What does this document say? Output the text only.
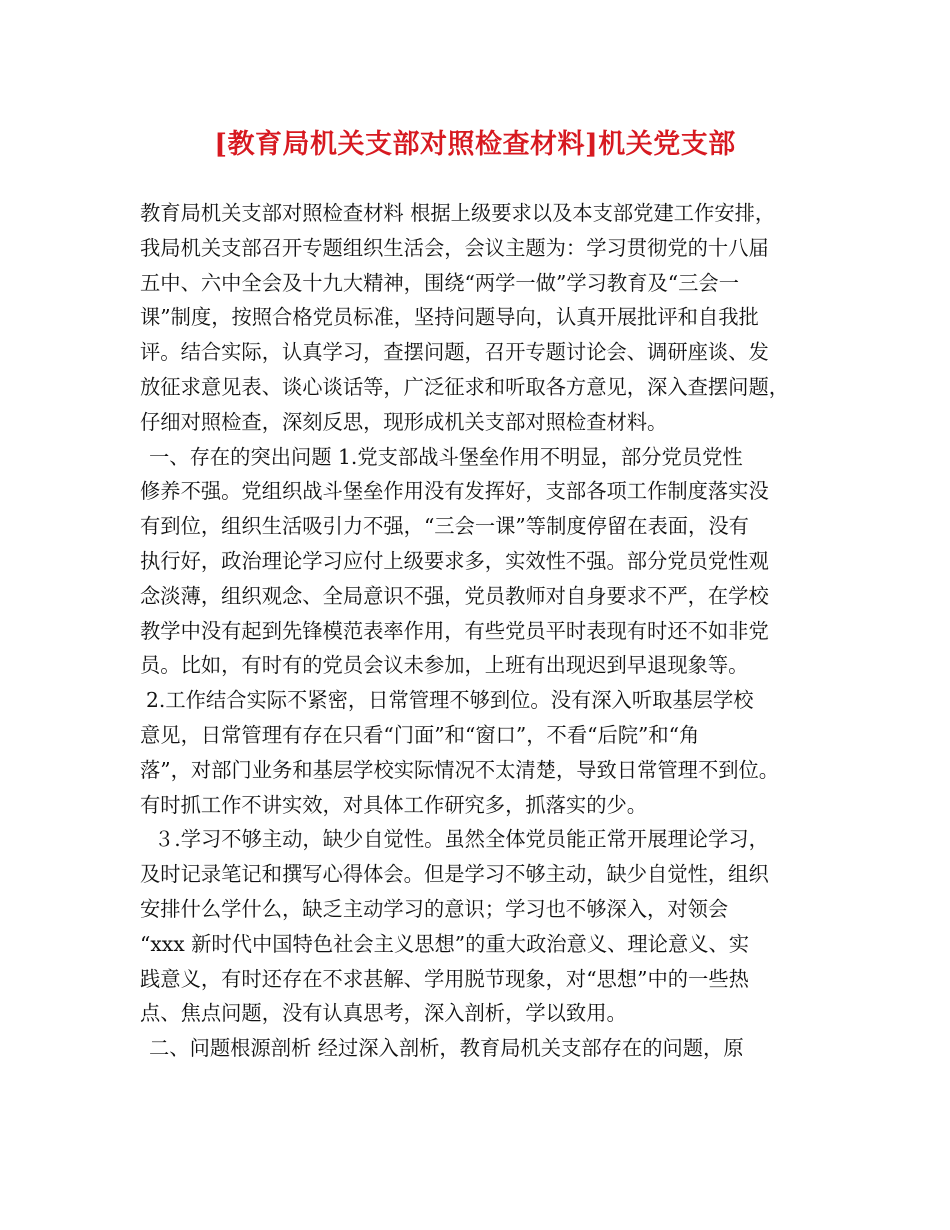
[教育局机关支部对照检查材料]机关党支部
教育局机关支部对照检查材料 根据上级要求以及本支部党建工作安排，
我局机关支部召开专题组织生活会，会议主题为：学习贯彻党的十八届
五中、六中全会及十九大精神，围绕“两学一做”学习教育及“三会一
课”制度，按照合格党员标准，坚持问题导向，认真开展批评和自我批
评。结合实际，认真学习，查摆问题，召开专题讨论会、调研座谈、发
放征求意见表、谈心谈话等，广泛征求和听取各方意见，深入查摆问题，
仔细对照检查，深刻反思，现形成机关支部对照检查材料。
一、存在的突出问题 1.党支部战斗堡垒作用不明显，部分党员党性
修养不强。党组织战斗堡垒作用没有发挥好，支部各项工作制度落实没
有到位，组织生活吸引力不强，“三会一课”等制度停留在表面，没有
执行好，政治理论学习应付上级要求多，实效性不强。部分党员党性观
念淡薄，组织观念、全局意识不强，党员教师对自身要求不严，在学校
教学中没有起到先锋模范表率作用，有些党员平时表现有时还不如非党
员。比如，有时有的党员会议未参加，上班有出现迟到早退现象等。
2.工作结合实际不紧密，日常管理不够到位。没有深入听取基层学校
意见，日常管理有存在只看“门面”和“窗口”，不看“后院”和“角
落”，对部门业务和基层学校实际情况不太清楚，导致日常管理不到位。
有时抓工作不讲实效，对具体工作研究多，抓落实的少。
３.学习不够主动，缺少自觉性。虽然全体党员能正常开展理论学习，
及时记录笔记和撰写心得体会。但是学习不够主动，缺少自觉性，组织
安排什么学什么，缺乏主动学习的意识；学习也不够深入，对领会
“xxx 新时代中国特色社会主义思想”的重大政治意义、理论意义、实
践意义，有时还存在不求甚解、学用脱节现象，对“思想”中的一些热
点、焦点问题，没有认真思考，深入剖析，学以致用。
二、问题根源剖析 经过深入剖析，教育局机关支部存在的问题，原
